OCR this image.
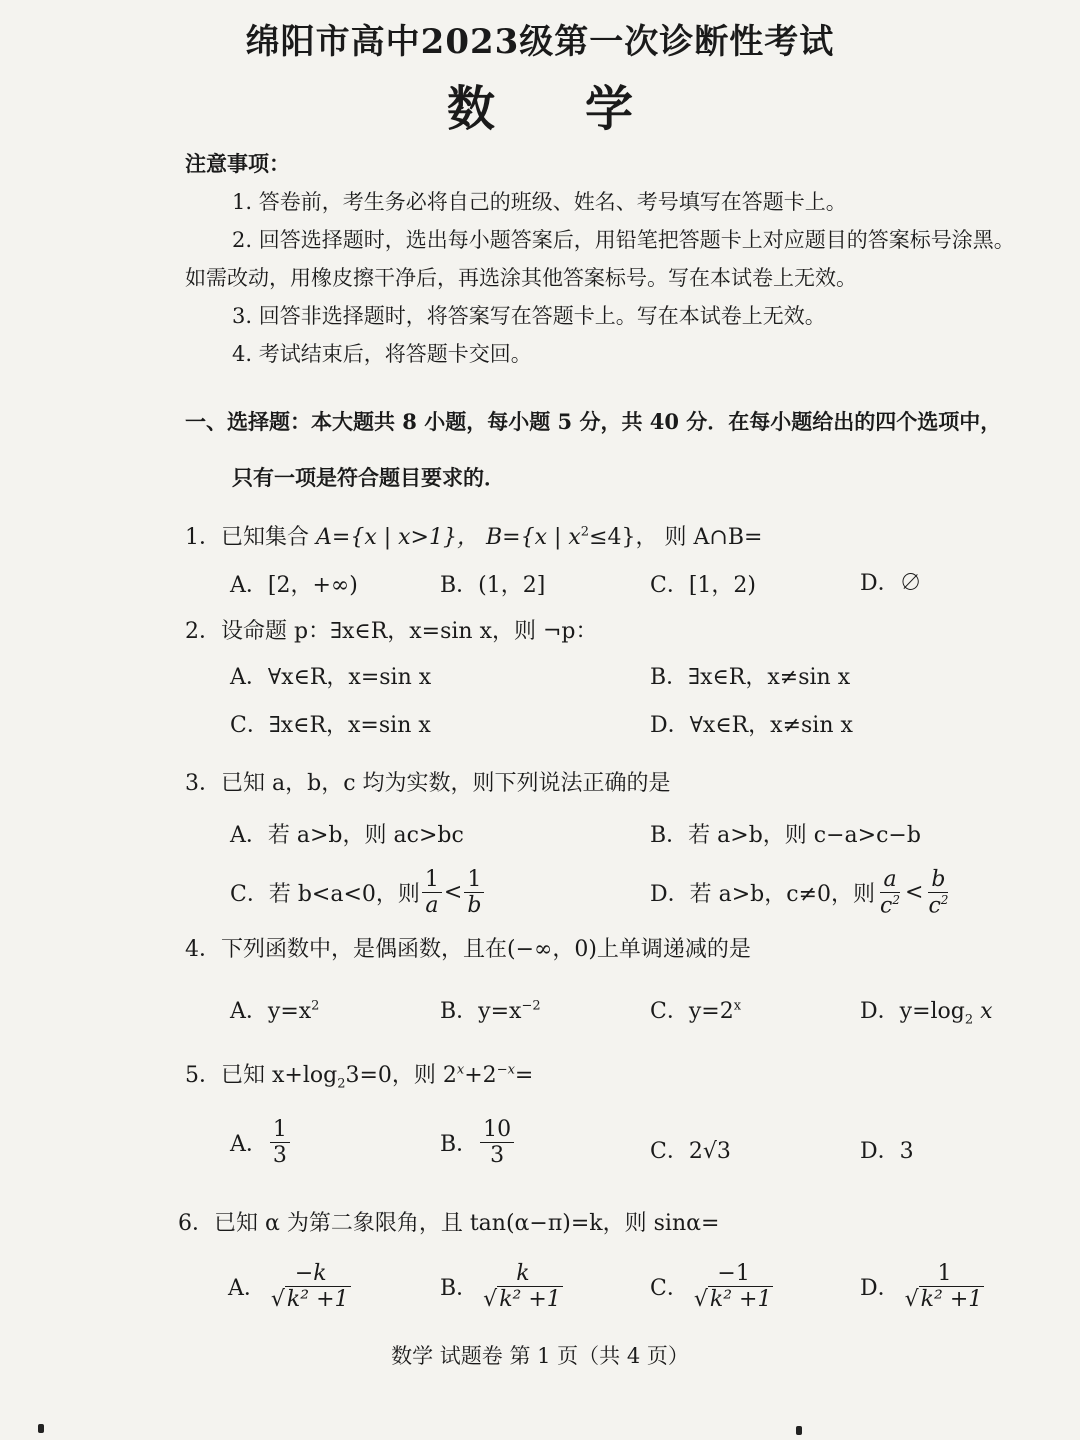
绵阳市高中2023级第一次诊断性考试
数 学
注意事项：
1. 答卷前，考生务必将自己的班级、姓名、考号填写在答题卡上。
2. 回答选择题时，选出每小题答案后，用铅笔把答题卡上对应题目的答案标号涂黑。
如需改动，用橡皮擦干净后，再选涂其他答案标号。写在本试卷上无效。
3. 回答非选择题时，将答案写在答题卡上。写在本试卷上无效。
4. 考试结束后，将答题卡交回。
一、选择题：本大题共 8 小题，每小题 5 分，共 40 分．在每小题给出的四个选项中，
只有一项是符合题目要求的．
1．已知集合 A={x | x>1}， B={x | $x^2\le 4$}， 则 A∩B=
A．[2，+∞)	B．(1，2]	C．[1，2)	D．∅
2．设命题 p：∃x∈R，x=sin x，则 ¬p：
A．∀x∈R，x=sin x	B．∃x∈R，x≠sin x
C．∃x∈R，x=sin x	D．∀x∈R，x≠sin x
3．已知 a，b，c 均为实数，则下列说法正确的是
A．若 a>b，则 ac>bc	B．若 a>b，则 c−a>c−b
C．若 b<a<0，则 $\frac{1}{a} < \frac{1}{b}$	D．若 a>b，c≠0，则 $\frac{a}{c^2} < \frac{b}{c^2}$
4．下列函数中，是偶函数，且在(−∞，0)上单调递减的是
A．$y=x^2$	B．$y=x^{-2}$	C．$y=2^x$	D．$y=\log_2$ x
5．已知 $x+\log_23=0$，则 $2^x+2^{-x}=$
A． $\frac{1}{3}$	B． $\frac{10}{3}$	C．2√3	D．3
6．已知 α 为第二象限角，且 tan(α−π)=k，则 sinα=
A． $\frac{-k}{\text{√k² +1}}$	B． $\frac{k}{\text{√k² +1}}$	C． $\frac{-1}{\text{√k² +1}}$	D． $\frac{1}{\text{√k² +1}}$
数学 试题卷 第 1 页（共 4 页）
